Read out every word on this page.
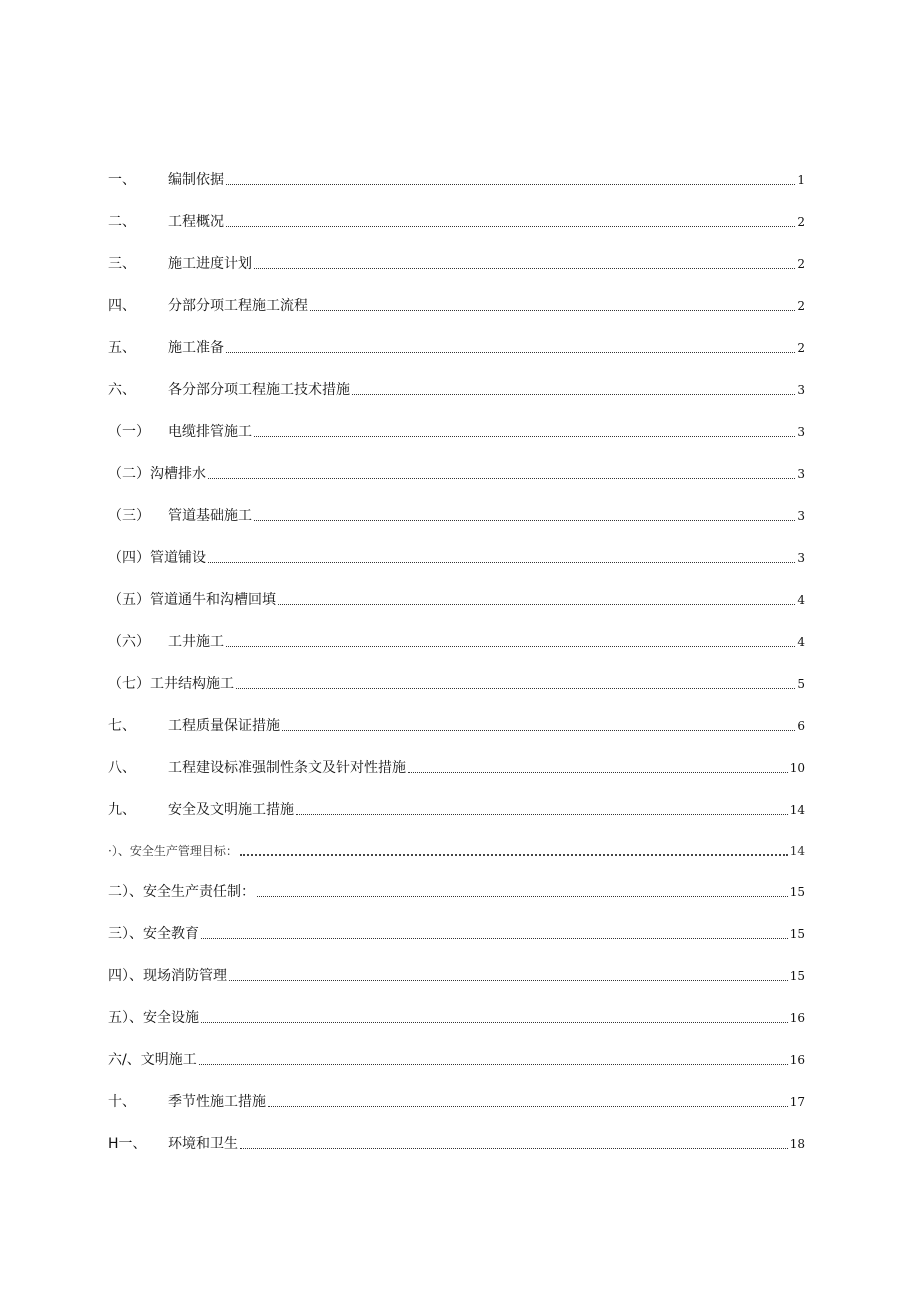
一、	编制依据	1
二、	工程概况	2
三、	施工进度计划	2
四、	分部分项工程施工流程	2
五、	施工准备	2
六、	各分部分项工程施工技术措施	3
（一）	电缆排管施工	3
（二） 沟槽排水	3
（三）	管道基础施工	3
（四） 管道铺设	3
（五） 管道通牛和沟槽回填	4
（六）	工井施工	4
（七） 工井结构施工	5
七、	工程质量保证措施	6
八、	工程建设标准强制性条文及针对性措施	10
九、	安全及文明施工措施	14
·）、 安全生产管理目标：	14
二）、 安全生产责任制：	15
三）、 安全教育	15
四）、 现场消防管理	15
五）、 安全设施	16
六/、 文明施工	16
十、	季节性施工措施	17
H一、	环境和卫生	18
